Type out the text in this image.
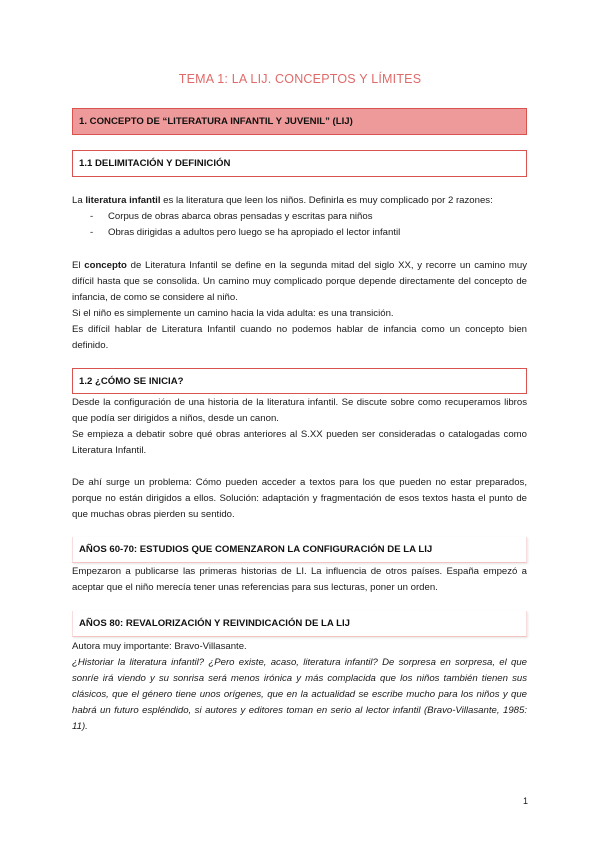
TEMA 1: LA LIJ. CONCEPTOS Y LÍMITES
1. CONCEPTO DE “LITERATURA INFANTIL Y JUVENIL” (LIJ)
1.1 DELIMITACIÓN Y DEFINICIÓN

La literatura infantil es la literatura que leen los niños. Definirla es muy complicado por 2 razones:

- Corpus de obras abarca obras pensadas y escritas para niños
- Obras dirigidas a adultos pero luego se ha apropiado el lector infantil

El concepto de Literatura Infantil se define en la segunda mitad del siglo XX, y recorre un camino muy difícil hasta que se consolida. Un camino muy complicado porque depende directamente del concepto de infancia, de como se considere al niño.

Si el niño es simplemente un camino hacia la vida adulta: es una transición.

Es difícil hablar de Literatura Infantil cuando no podemos hablar de infancia como un concepto bien definido.

1.2 ¿CÓMO SE INICIA?

Desde la configuración de una historia de la literatura infantil. Se discute sobre como recuperamos libros que podía ser dirigidos a niños, desde un canon.

Se empieza a debatir sobre qué obras anteriores al S.XX pueden ser consideradas o catalogadas como Literatura Infantil.

De ahí surge un problema: Cómo pueden acceder a textos para los que pueden no estar preparados, porque no están dirigidos a ellos. Solución: adaptación y fragmentación de esos textos hasta el punto de que muchas obras pierden su sentido.

AÑOS 60-70: ESTUDIOS QUE COMENZARON LA CONFIGURACIÓN DE LA LIJ

Empezaron a publicarse las primeras historias de LI. La influencia de otros países. España empezó a aceptar que el niño merecía tener unas referencias para sus lecturas, poner un orden.

AÑOS 80: REVALORIZACIÓN Y REIVINDICACIÓN DE LA LIJ

Autora muy importante: Bravo-Villasante.

¿Historiar la literatura infantil? ¿Pero existe, acaso, literatura infantil? De sorpresa en sorpresa, el que sonríe irá viendo y su sonrisa será menos irónica y más complacida que los niños también tienen sus clásicos, que el género tiene unos orígenes, que en la actualidad se escribe mucho para los niños y que habrá un futuro espléndido, si autores y editores toman en serio al lector infantil (Bravo-Villasante, 1985: 11).

1
